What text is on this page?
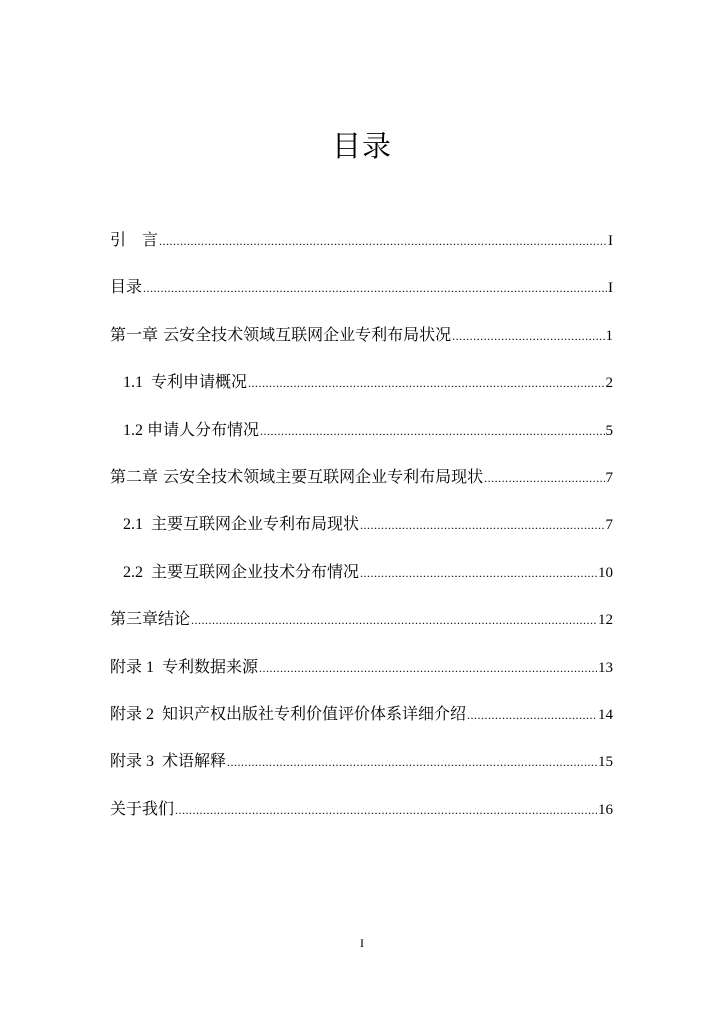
目录
引　言 .....	I
目录 .....	I
第一章 云安全技术领域互联网企业专利布局状况 .....	1
1.1 专利申请概况 .....	2
1.2 申请人分布情况 .....	5
第二章 云安全技术领域主要互联网企业专利布局现状 .....	7
2.1 主要互联网企业专利布局现状 .....	7
2.2 主要互联网企业技术分布情况 .....	10
第三章结论 .....	12
附录 1 专利数据来源 .....	13
附录 2 知识产权出版社专利价值评价体系详细介绍 .....	14
附录 3 术语解释 .....	15
关于我们 .....	16
I
